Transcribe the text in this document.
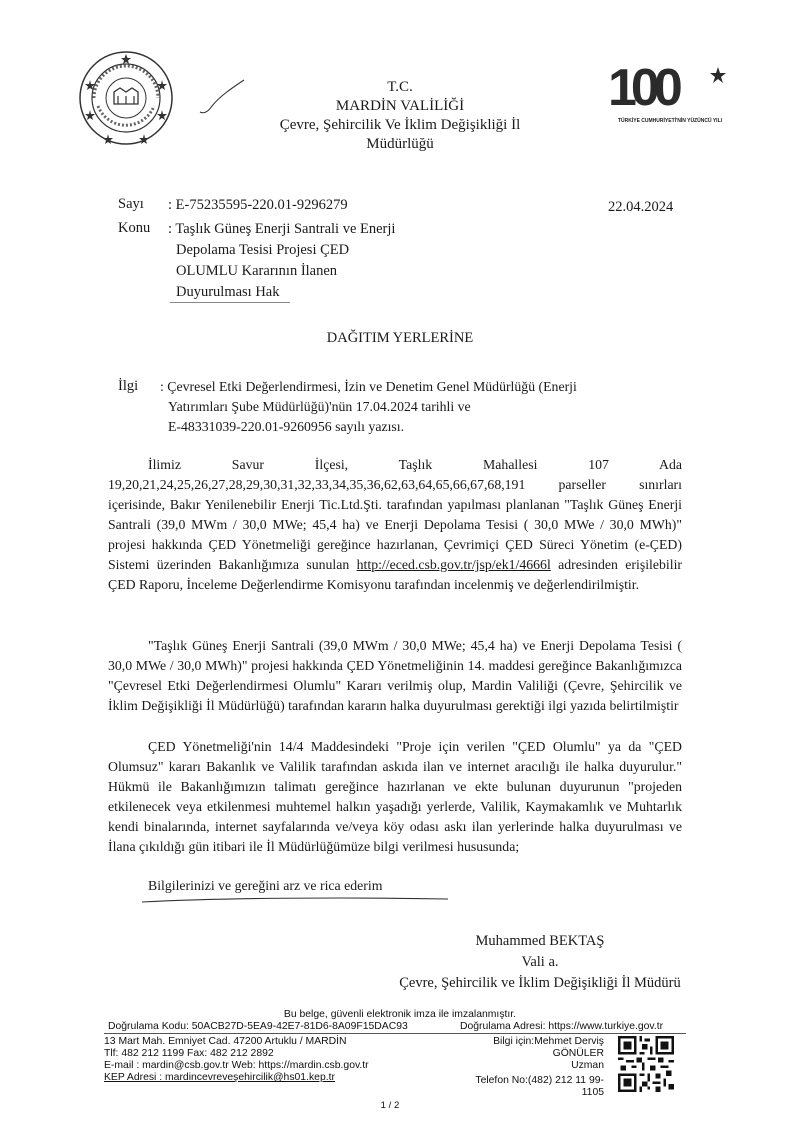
T.C.
MARDİN VALİLİĞİ
Çevre, Şehircilik Ve İklim Değişikliği İl Müdürlüğü
100
TÜRKİYE CUMHURİYETİ'NİN YÜZÜNCÜ YILI
Sayı : E-75235595-220.01-9296279	22.04.2024
Konu : Taşlık Güneş Enerji Santrali ve Enerji
Depolama Tesisi Projesi ÇED
OLUMLU Kararının İlanen
Duyurulması Hak
DAĞITIM YERLERİNE
İlgi : Çevresel Etki Değerlendirmesi, İzin ve Denetim Genel Müdürlüğü (Enerji
Yatırımları Şube Müdürlüğü)'nün 17.04.2024 tarihli ve
E-48331039-220.01-9260956 sayılı yazısı.
İlimiz Savur İlçesi, Taşlık Mahallesi 107 Ada 19,20,21,24,25,26,27,28,29,30,31,32,33,34,35,36,62,63,64,65,66,67,68,191 parseller sınırları içerisinde, Bakır Yenilenebilir Enerji Tic.Ltd.Şti. tarafından yapılması planlanan "Taşlık Güneş Enerji Santrali (39,0 MWm / 30,0 MWe; 45,4 ha) ve Enerji Depolama Tesisi ( 30,0 MWe / 30,0 MWh)" projesi hakkında ÇED Yönetmeliği gereğince hazırlanan, Çevrimiçi ÇED Süreci Yönetim (e-ÇED) Sistemi üzerinden Bakanlığımıza sunulan http://eced.csb.gov.tr/jsp/ek1/4666l adresinden erişilebilir ÇED Raporu, İnceleme Değerlendirme Komisyonu tarafından incelenmiş ve değerlendirilmiştir.
"Taşlık Güneş Enerji Santrali (39,0 MWm / 30,0 MWe; 45,4 ha) ve Enerji Depolama Tesisi ( 30,0 MWe / 30,0 MWh)" projesi hakkında ÇED Yönetmeliğinin 14. maddesi gereğince Bakanlığımızca "Çevresel Etki Değerlendirmesi Olumlu" Kararı verilmiş olup, Mardin Valiliği (Çevre, Şehircilik ve İklim Değişikliği İl Müdürlüğü) tarafından kararın halka duyurulması gerektiği ilgi yazıda belirtilmiştir
ÇED Yönetmeliği'nin 14/4 Maddesindeki "Proje için verilen "ÇED Olumlu" ya da "ÇED Olumsuz" kararı Bakanlık ve Valilik tarafından askıda ilan ve internet aracılığı ile halka duyurulur." Hükmü ile Bakanlığımızın talimatı gereğince hazırlanan ve ekte bulunan duyurunun "projeden etkilenecek veya etkilenmesi muhtemel halkın yaşadığı yerlerde, Valilik, Kaymakamlık ve Muhtarlık kendi binalarında, internet sayfalarında ve/veya köy odası askı ilan yerlerinde halka duyurulması ve İlana çıkıldığı gün itibari ile İl Müdürlüğümüze bilgi verilmesi hususunda;
Bilgilerinizi ve gereğini arz ve rica ederim
Muhammed BEKTAŞ
Vali a.
Çevre, Şehircilik ve İklim Değişikliği İl Müdürü
Bu belge, güvenli elektronik imza ile imzalanmıştır.
Doğrulama Kodu: 50ACB27D-5EA9-42E7-81D6-8A09F15DAC93	Doğrulama Adresi: https://www.turkiye.gov.tr
13 Mart Mah. Emniyet Cad. 47200 Artuklu / MARDİN
Tlf: 482 212 1199 Fax: 482 212 2892
E-mail : mardin@csb.gov.tr Web: https://mardin.csb.gov.tr
KEP Adresi : mardincevreveşehircilik@hs01.kep.tr
Bilgi için:Mehmet Derviş
GÖNÜLER
Uzman
Telefon No:(482) 212 11 99-
1105
1 / 2
